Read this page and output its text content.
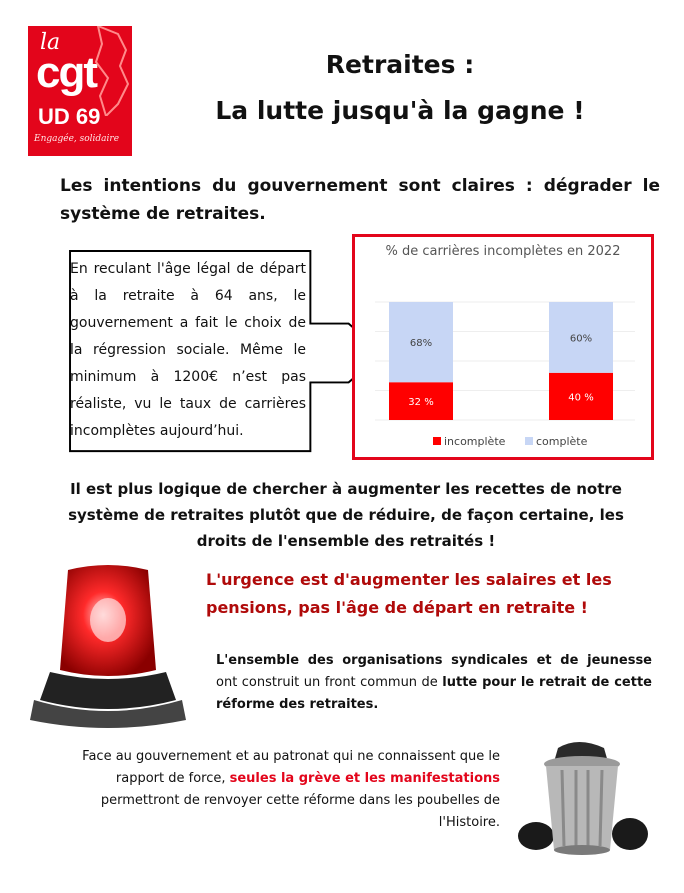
la
cgt
UD 69
Engagée, solidaire
Retraites :
La lutte jusqu'à la gagne !
Les intentions du gouvernement sont claires : dégrader le système de retraites.
En reculant l'âge légal de départ à la retraite à 64 ans, le gouvernement a fait le choix de la régression sociale. Même le minimum à 1200€ n’est pas réaliste, vu le taux de carrières incomplètes aujourd’hui.
% de carrières incomplètes en 2022
32 %
68%
40 %
60%
incomplète	complète
Il est plus logique de chercher à augmenter les recettes de notre système de retraites plutôt que de réduire, de façon certaine, les droits de l'ensemble des retraités !
L'urgence est d'augmenter les salaires et les pensions, pas l'âge de départ en retraite !
L'ensemble des organisations syndicales et de jeunesse ont construit un front commun de lutte pour le retrait de cette réforme des retraites.
Face au gouvernement et au patronat qui ne connaissent que le rapport de force, seules la grève et les manifestations permettront de renvoyer cette réforme dans les poubelles de l'Histoire.
